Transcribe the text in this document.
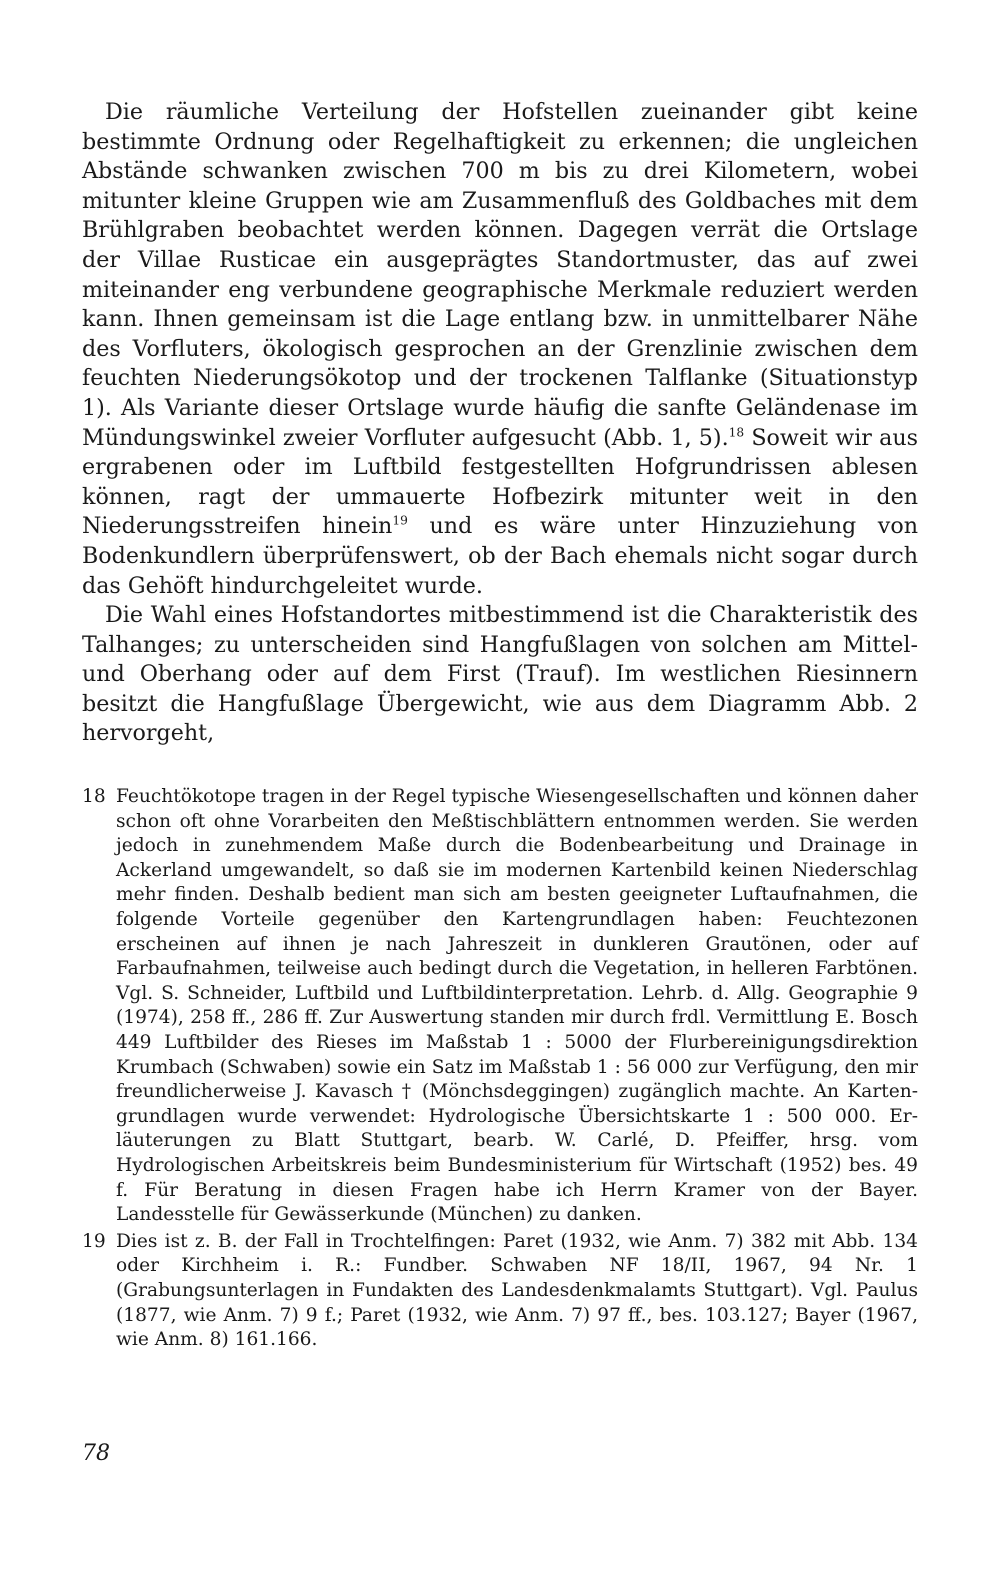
Die räumliche Verteilung der Hofstellen zueinander gibt keine bestimmte Ordnung oder Regelhaftigkeit zu erkennen; die ungleichen Abstände schwanken zwischen 700 m bis zu drei Kilometern, wobei mitunter kleine Gruppen wie am Zusammenfluß des Goldbaches mit dem Brühlgraben beobachtet werden können. Dagegen verrät die Ortslage der Villae Rusticae ein ausgeprägtes Standortmuster, das auf zwei miteinander eng verbundene geographische Merkmale reduziert werden kann. Ihnen gemeinsam ist die Lage entlang bzw. in unmittelbarer Nähe des Vorfluters, ökologisch gesprochen an der Grenzlinie zwischen dem feuchten Niederungsökotop und der trockenen Talflanke (Situationstyp 1). Als Variante dieser Ortslage wurde häufig die sanfte Geländenase im Mündungswinkel zweier Vorfluter aufgesucht (Abb. 1, 5).$^{18}$ Soweit wir aus ergrabenen oder im Luftbild festgestellten Hofgrundrissen ablesen können, ragt der ummauerte Hofbezirk mitunter weit in den Niederungsstreifen hinein$^{19}$ und es wäre unter Hinzuziehung von Bodenkundlern überprüfenswert, ob der Bach ehemals nicht sogar durch das Gehöft hindurchgeleitet wurde.

Die Wahl eines Hofstandortes mitbestimmend ist die Charakteristik des Talhanges; zu unterscheiden sind Hangfußlagen von solchen am Mittel- und Oberhang oder auf dem First (Trauf). Im westlichen Riesinnern besitzt die Hangfußlage Übergewicht, wie aus dem Diagramm Abb. 2 hervorgeht,

18 Feuchtökotope tragen in der Regel typische Wiesengesellschaften und können daher schon oft ohne Vorarbeiten den Meßtischblättern entnommen werden. Sie werden jedoch in zunehmendem Maße durch die Bodenbearbeitung und Drainage in Ackerland umgewandelt, so daß sie im modernen Kartenbild keinen Niederschlag mehr finden. Deshalb bedient man sich am besten geeigneter Luftaufnahmen, die folgende Vorteile gegenüber den Kartengrundlagen haben: Feuchtezonen erscheinen auf ihnen je nach Jahreszeit in dunkleren Grautönen, oder auf Farbaufnahmen, teilweise auch bedingt durch die Vegetation, in helleren Farbtönen. Vgl. S. Schneider, Luftbild und Luftbildinterpretation. Lehrb. d. Allg. Geographie 9 (1974), 258 ff., 286 ff. Zur Auswertung standen mir durch frdl. Vermittlung E. Bosch 449 Luftbilder des Rieses im Maßstab 1 : 5000 der Flurbereinigungsdirektion Krumbach (Schwaben) sowie ein Satz im Maßstab 1 : 56 000 zur Verfügung, den mir freundlicherweise J. Kavasch † (Mönchsdeggingen) zugänglich machte. An Kartengrundlagen wurde verwendet: Hydrologische Übersichtskarte 1 : 500 000. Erläuterungen zu Blatt Stuttgart, bearb. W. Carlé, D. Pfeiffer, hrsg. vom Hydrologischen Arbeitskreis beim Bundesministerium für Wirtschaft (1952) bes. 49 f. Für Beratung in diesen Fragen habe ich Herrn Kramer von der Bayer. Landesstelle für Gewässerkunde (München) zu danken.
19 Dies ist z. B. der Fall in Trochtelfingen: Paret (1932, wie Anm. 7) 382 mit Abb. 134 oder Kirchheim i. R.: Fundber. Schwaben NF 18/II, 1967, 94 Nr. 1 (Grabungsunterlagen in Fundakten des Landesdenkmalamts Stuttgart). Vgl. Paulus (1877, wie Anm. 7) 9 f.; Paret (1932, wie Anm. 7) 97 ff., bes. 103.127; Bayer (1967, wie Anm. 8) 161.166.
78
